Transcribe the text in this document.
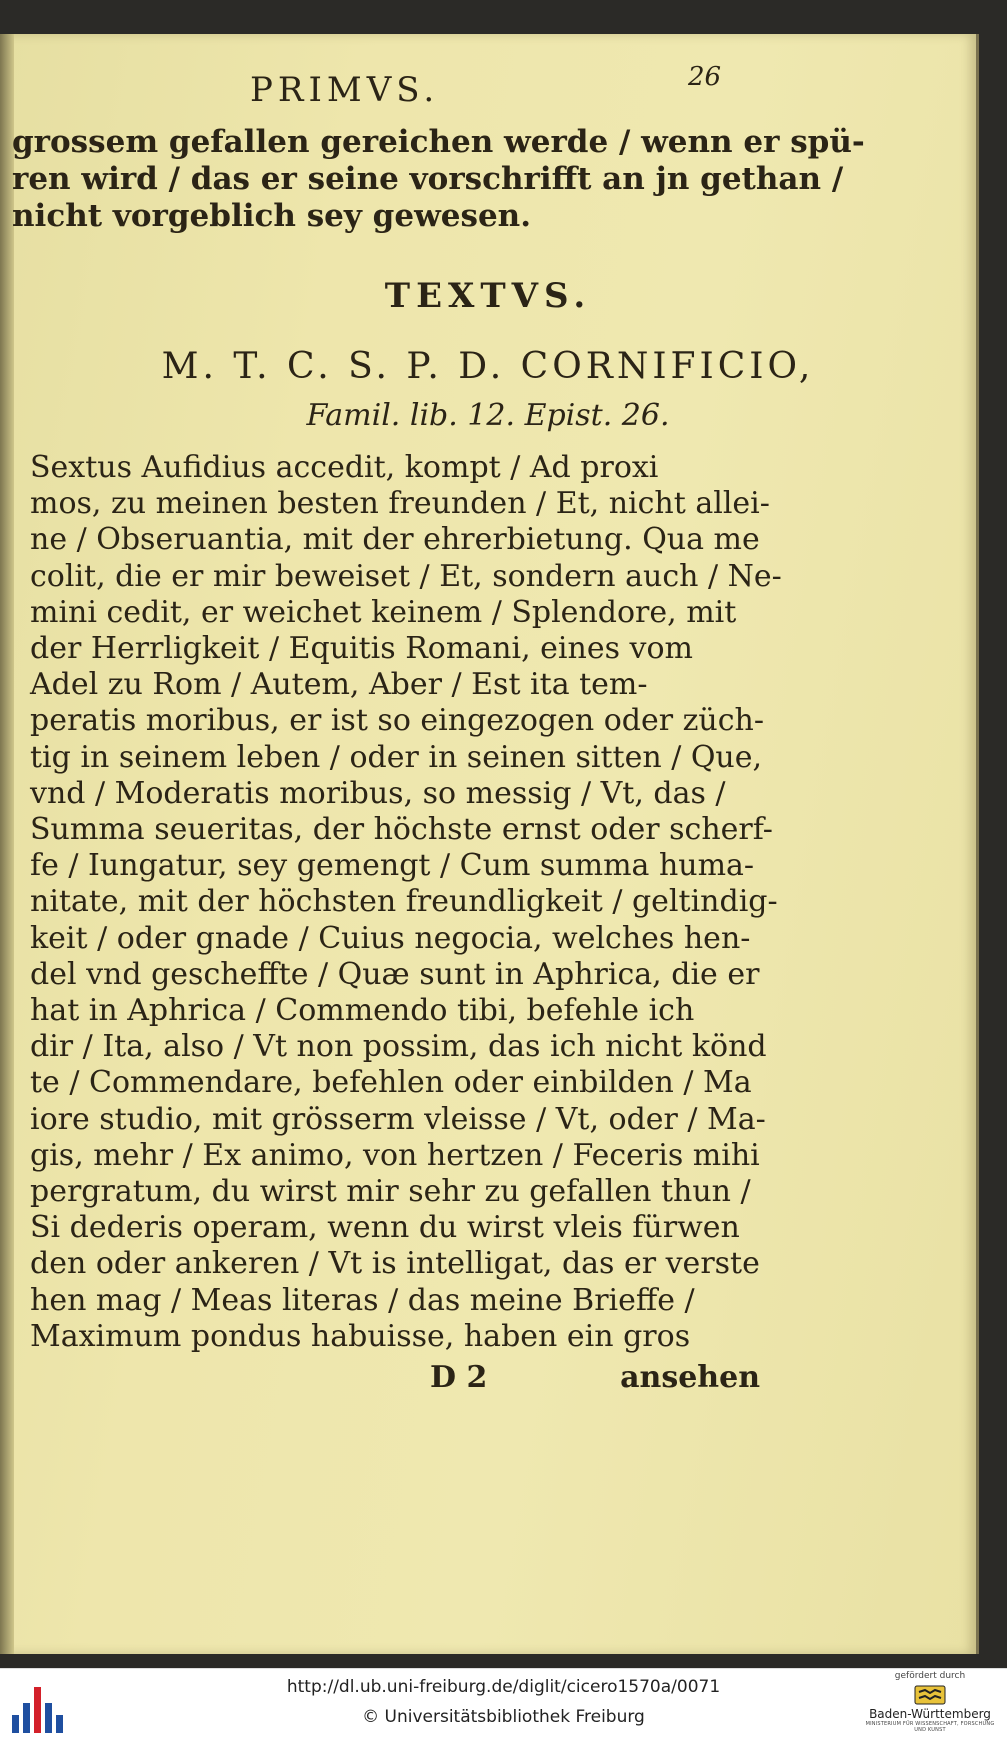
PRIMVS.	26
grossem gefallen gereichen werde / wenn er spü-
ren wird / das er seine vorschrifft an jn gethan /
nicht vorgeblich sey gewesen.
TEXTVS.
M. T. C. S. P. D. CORNIFICIO,
Famil. lib. 12. Epist. 26.
Sextus Aufidius accedit, kompt / Ad proxi
mos, zu meinen besten freunden / Et, nicht allei-
ne / Obseruantia, mit der ehrerbietung. Qua me
colit, die er mir beweiset / Et, sondern auch / Ne-
mini cedit, er weichet keinem / Splendore, mit
der Herrligkeit / Equitis Romani, eines vom
Adel zu Rom / Autem, Aber / Est ita tem-
peratis moribus, er ist so eingezogen oder züch-
tig in seinem leben / oder in seinen sitten / Que,
vnd / Moderatis moribus, so messig / Vt, das /
Summa seueritas, der höchste ernst oder scherf-
fe / Iungatur, sey gemengt / Cum summa huma-
nitate, mit der höchsten freundligkeit / geltindig-
keit / oder gnade / Cuius negocia, welches hen-
del vnd gescheffte / Quæ sunt in Aphrica, die er
hat in Aphrica / Commendo tibi, befehle ich
dir / Ita, also / Vt non possim, das ich nicht könd
te / Commendare, befehlen oder einbilden / Ma
iore studio, mit grösserm vleisse / Vt, oder / Ma-
gis, mehr / Ex animo, von hertzen / Feceris mihi
pergratum, du wirst mir sehr zu gefallen thun /
Si dederis operam, wenn du wirst vleis fürwen
den oder ankeren / Vt is intelligat, das er verste
hen mag / Meas literas / das meine Brieffe /
Maximum pondus habuisse, haben ein gros
D 2	ansehen
http://dl.ub.uni-freiburg.de/diglit/cicero1570a/0071
© Universitätsbibliothek Freiburg
gefördert durch
Baden-Württemberg
MINISTERIUM FÜR WISSENSCHAFT, FORSCHUNG UND KUNST
